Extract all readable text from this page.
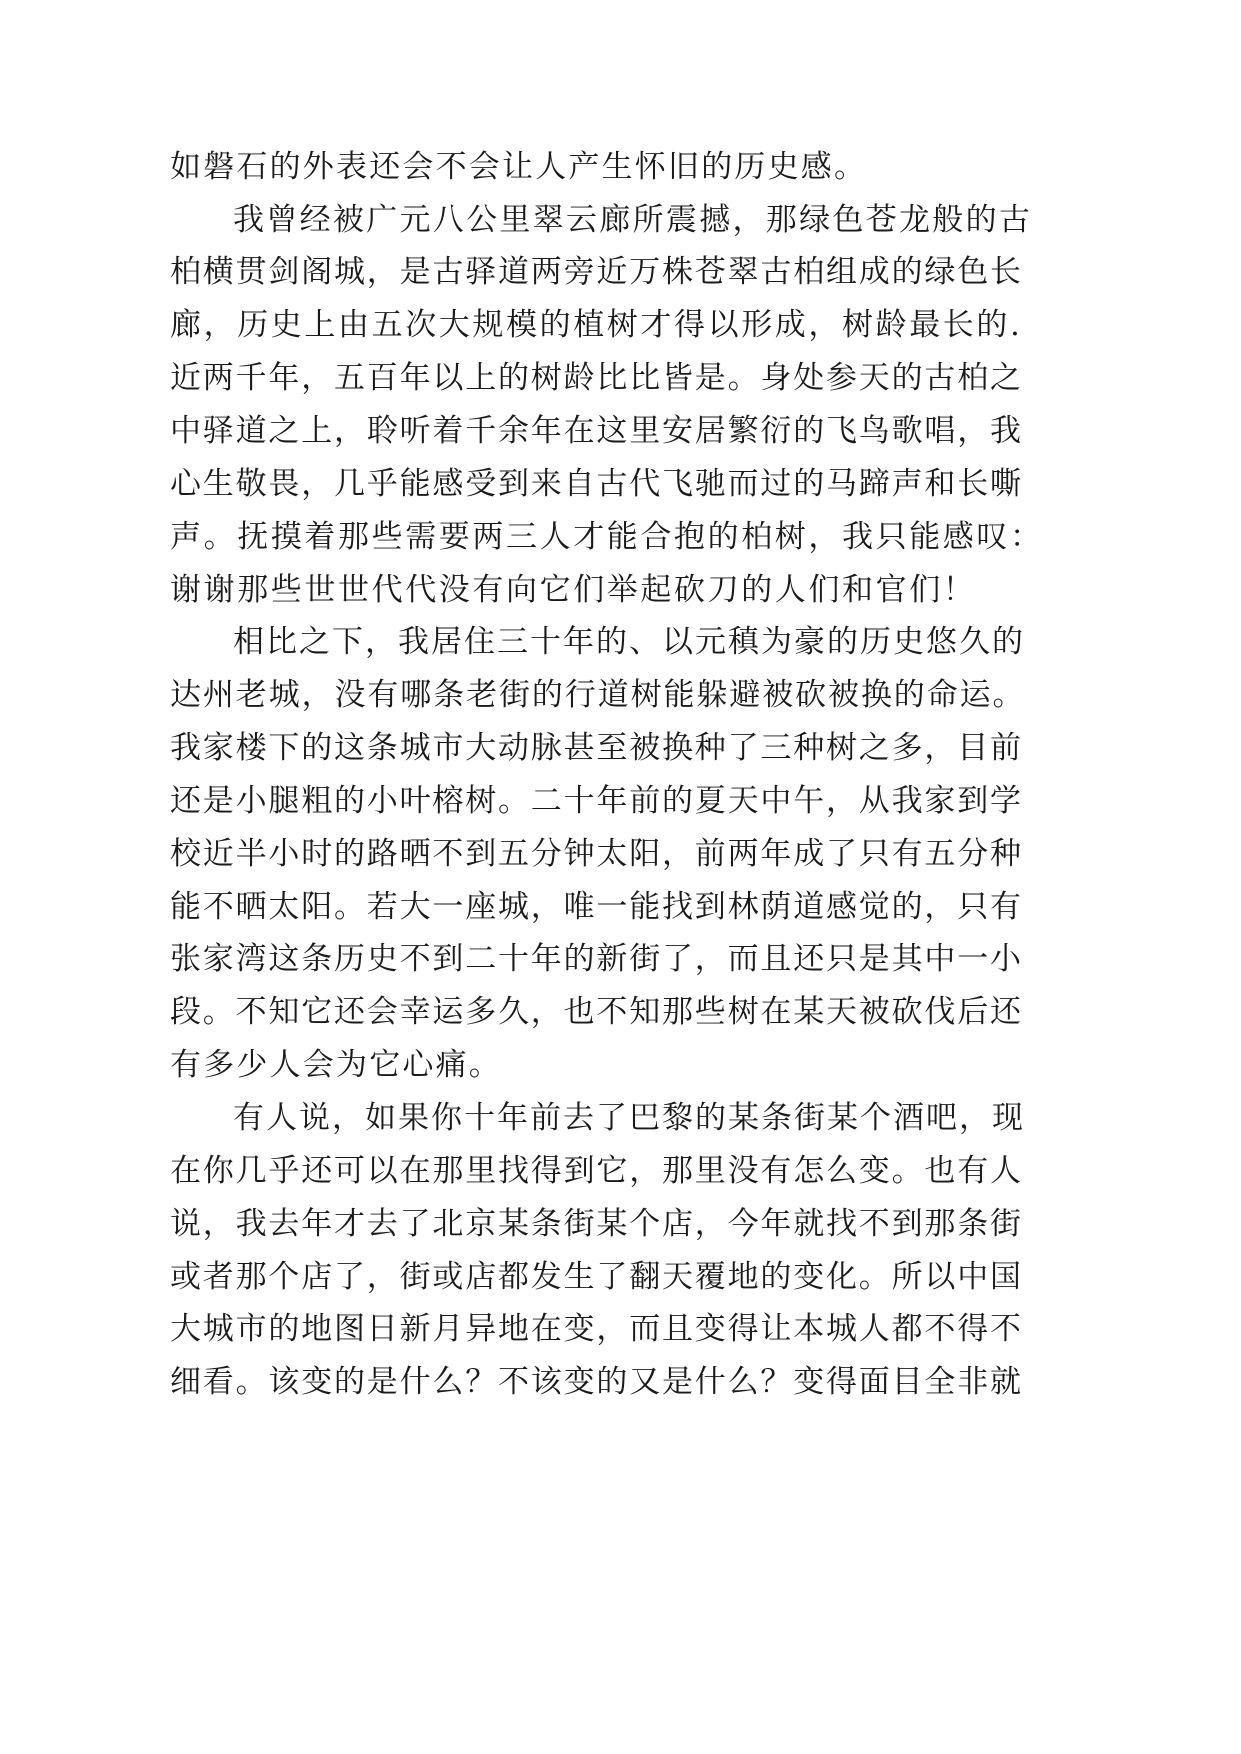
如磐石的外表还会不会让人产生怀旧的历史感。
我曾经被广元八公里翠云廊所震撼，那绿色苍龙般的古
柏横贯剑阁城，是古驿道两旁近万株苍翠古柏组成的绿色长
廊，历史上由五次大规模的植树才得以形成，树龄最长的.
近两千年，五百年以上的树龄比比皆是。身处参天的古柏之
中驿道之上，聆听着千余年在这里安居繁衍的飞鸟歌唱，我
心生敬畏，几乎能感受到来自古代飞驰而过的马蹄声和长嘶
声。抚摸着那些需要两三人才能合抱的柏树，我只能感叹：
谢谢那些世世代代没有向它们举起砍刀的人们和官们！
相比之下，我居住三十年的、以元稹为豪的历史悠久的
达州老城，没有哪条老街的行道树能躲避被砍被换的命运。
我家楼下的这条城市大动脉甚至被换种了三种树之多，目前
还是小腿粗的小叶榕树。二十年前的夏天中午，从我家到学
校近半小时的路晒不到五分钟太阳，前两年成了只有五分种
能不晒太阳。若大一座城，唯一能找到林荫道感觉的，只有
张家湾这条历史不到二十年的新街了，而且还只是其中一小
段。不知它还会幸运多久，也不知那些树在某天被砍伐后还
有多少人会为它心痛。
有人说，如果你十年前去了巴黎的某条街某个酒吧，现
在你几乎还可以在那里找得到它，那里没有怎么变。也有人
说，我去年才去了北京某条街某个店，今年就找不到那条街
或者那个店了，街或店都发生了翻天覆地的变化。所以中国
大城市的地图日新月异地在变，而且变得让本城人都不得不
细看。该变的是什么？不该变的又是什么？变得面目全非就
